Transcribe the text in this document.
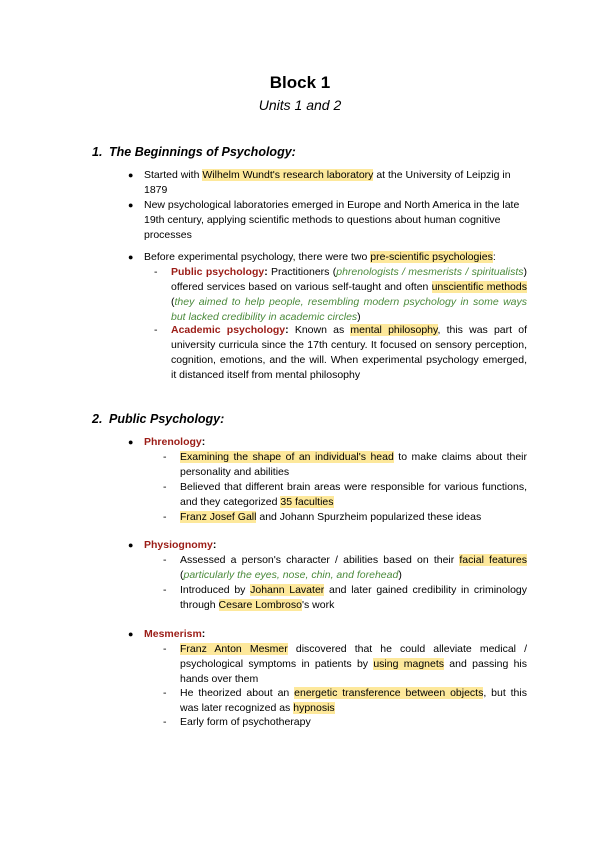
Block 1
Units 1 and 2
1. The Beginnings of Psychology:
● Started with Wilhelm Wundt's research laboratory at the University of Leipzig in 1879
● New psychological laboratories emerged in Europe and North America in the late 19th century, applying scientific methods to questions about human cognitive processes
● Before experimental psychology, there were two pre-scientific psychologies:
- Public psychology: Practitioners (phrenologists / mesmerists / spiritualists) offered services based on various self-taught and often unscientific methods (they aimed to help people, resembling modern psychology in some ways but lacked credibility in academic circles)
- Academic psychology: Known as mental philosophy, this was part of university curricula since the 17th century. It focused on sensory perception, cognition, emotions, and the will. When experimental psychology emerged, it distanced itself from mental philosophy
2. Public Psychology:
● Phrenology:
- Examining the shape of an individual's head to make claims about their personality and abilities
- Believed that different brain areas were responsible for various functions, and they categorized 35 faculties
- Franz Josef Gall and Johann Spurzheim popularized these ideas
● Physiognomy:
- Assessed a person's character / abilities based on their facial features (particularly the eyes, nose, chin, and forehead)
- Introduced by Johann Lavater and later gained credibility in criminology through Cesare Lombroso's work
● Mesmerism:
- Franz Anton Mesmer discovered that he could alleviate medical / psychological symptoms in patients by using magnets and passing his hands over them
- He theorized about an energetic transference between objects, but this was later recognized as hypnosis
- Early form of psychotherapy
